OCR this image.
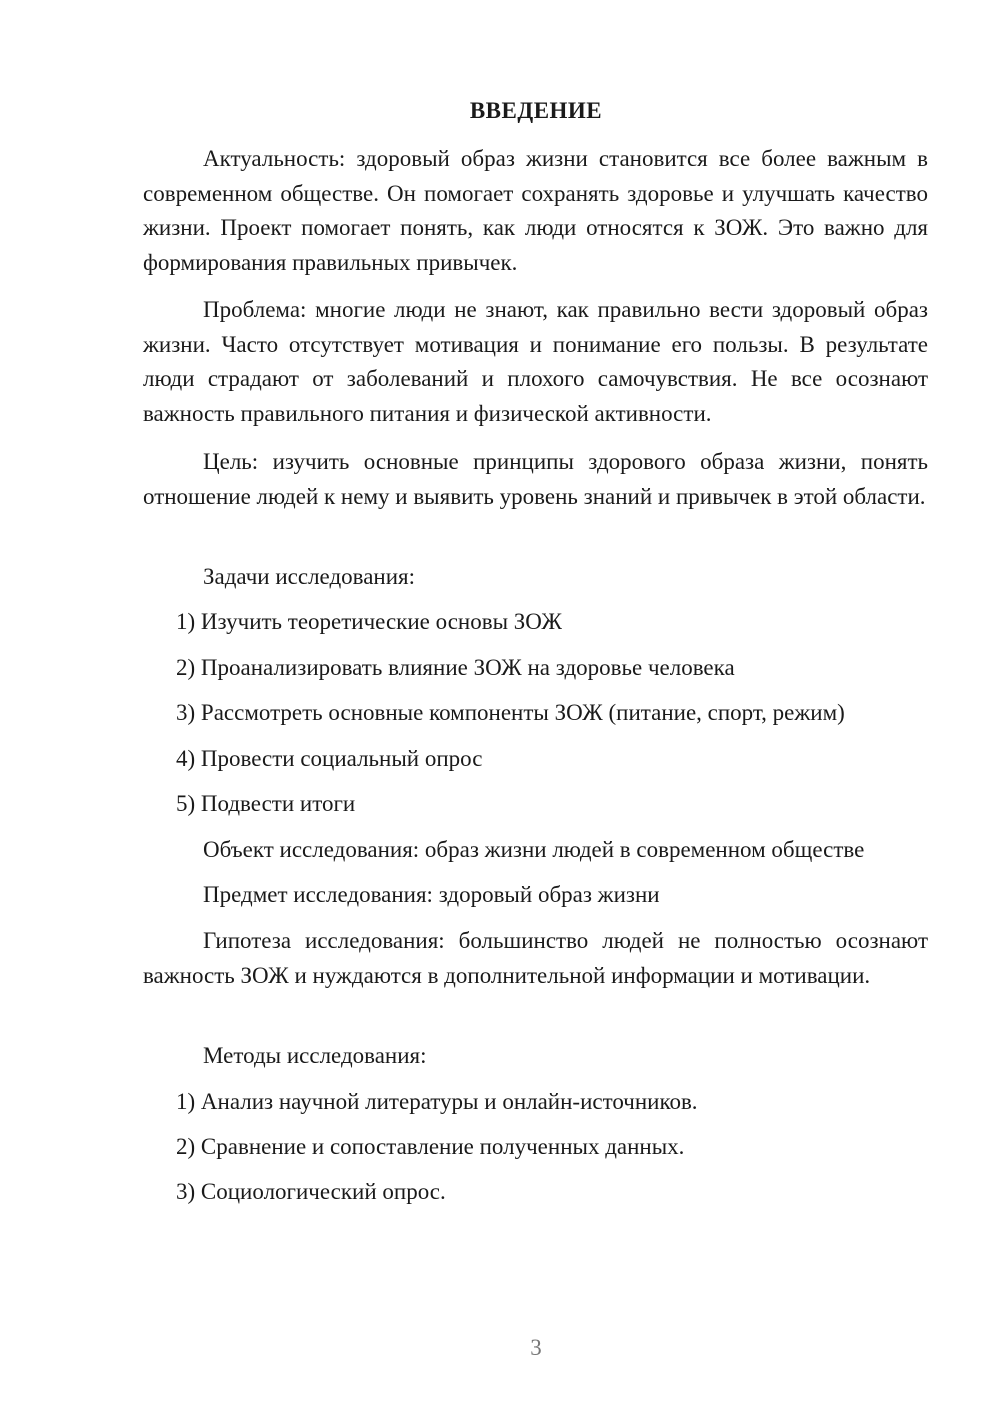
ВВЕДЕНИЕ

Актуальность: здоровый образ жизни становится все более важным в современном обществе. Он помогает сохранять здоровье и улучшать качество жизни. Проект помогает понять, как люди относятся к ЗОЖ. Это важно для формирования правильных привычек.

Проблема: многие люди не знают, как правильно вести здоровый образ жизни. Часто отсутствует мотивация и понимание его пользы. В результате люди страдают от заболеваний и плохого самочувствия. Не все осознают важность правильного питания и физической активности.

Цель: изучить основные принципы здорового образа жизни, понять отношение людей к нему и выявить уровень знаний и привычек в этой области.

Задачи исследования:
1) Изучить теоретические основы ЗОЖ
2) Проанализировать влияние ЗОЖ на здоровье человека
3) Рассмотреть основные компоненты ЗОЖ (питание, спорт, режим)
4) Провести социальный опрос
5) Подвести итоги
Объект исследования: образ жизни людей в современном обществе
Предмет исследования: здоровый образ жизни

Гипотеза исследования: большинство людей не полностью осознают важность ЗОЖ и нуждаются в дополнительной информации и мотивации.

Методы исследования:
1) Анализ научной литературы и онлайн-источников.
2) Сравнение и сопоставление полученных данных.
3) Социологический опрос.
3
